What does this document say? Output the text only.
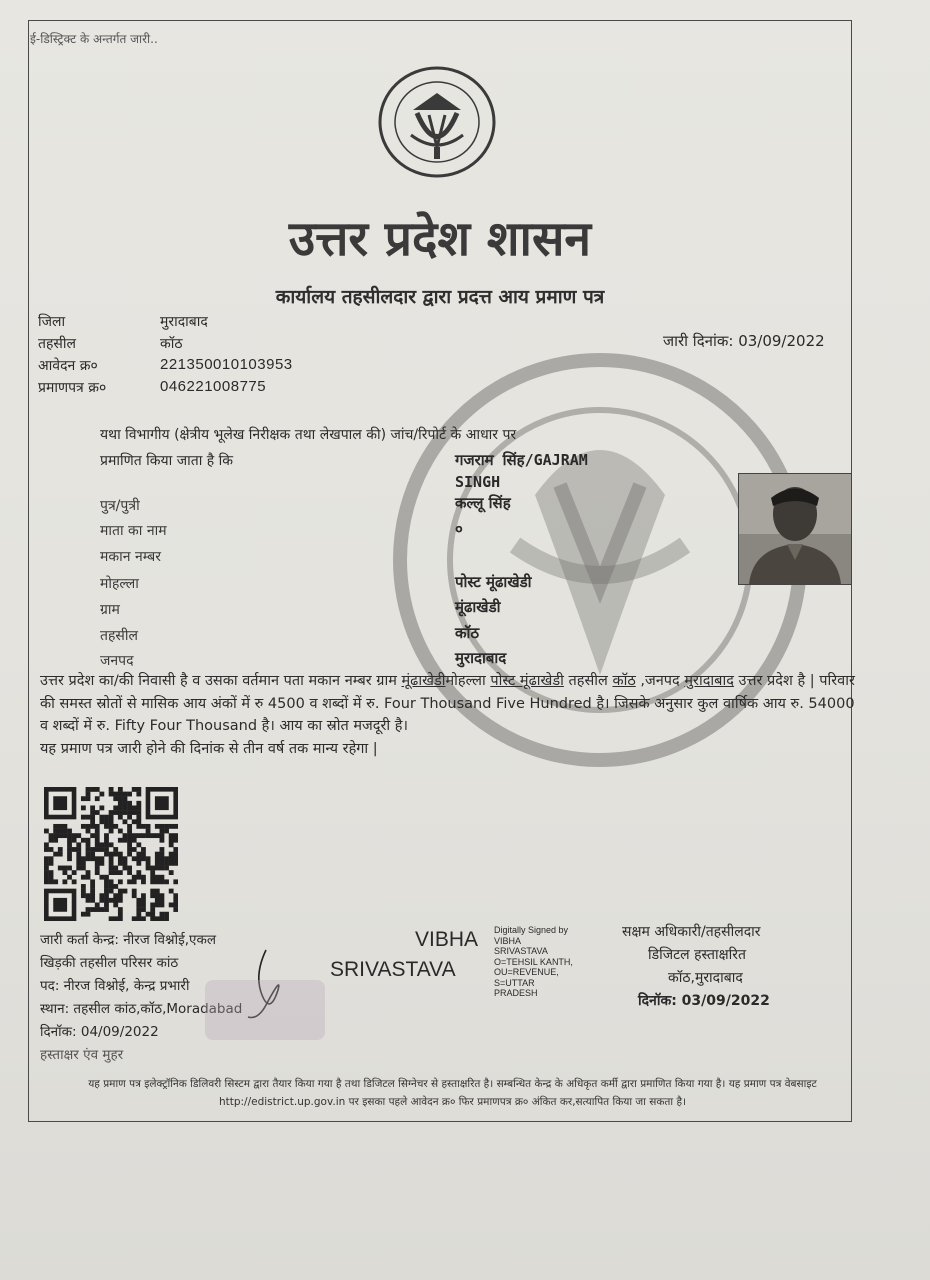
ई-डिस्ट्रिक्ट के अन्तर्गत जारी..
उत्तर प्रदेश शासन
कार्यालय तहसीलदार द्वारा प्रदत्त आय प्रमाण पत्र
जिला	मुरादाबाद
तहसील	कॉठ
आवेदन क्र०	221350010103953
प्रमाणपत्र क्र०	046221008775
जारी दिनांक: 03/09/2022
यथा विभागीय (क्षेत्रीय भूलेख निरीक्षक तथा लेखपाल की) जांच/रिपोर्ट के आधार पर
प्रमाणित किया जाता है कि	गजराम सिंह/GAJRAM
SINGH
पुत्र/पुत्री	कल्लू सिंह
माता का नाम	०
मकान नम्बर
मोहल्ला	पोस्ट मूंढाखेडी
ग्राम	मूंढाखेडी
तहसील	कॉठ
जनपद	मुरादाबाद
उत्तर प्रदेश का/की निवासी है व उसका वर्तमान पता मकान नम्बर ग्राम मूंढाखेडीमोहल्ला पोस्ट मूंढाखेडी तहसील कॉठ ,जनपद मुरादाबाद उत्तर प्रदेश है | परिवार की समस्त स्रोतों से मासिक आय अंकों में रु 4500 व शब्दों में रु. Four Thousand Five Hundred है। जिसके अनुसार कुल वार्षिक आय रु. 54000 व शब्दों में रु. Fifty Four Thousand है। आय का स्रोत मजदूरी है।
यह प्रमाण पत्र जारी होने की दिनांक से तीन वर्ष तक मान्य रहेगा |
जारी कर्ता केन्द्र: नीरज विश्नोई,एकल
खिड़की तहसील परिसर कांठ
पद: नीरज विश्नोई, केन्द्र प्रभारी
स्थान: तहसील कांठ,कॉठ,Moradabad
दिनॉक: 04/09/2022
हस्ताक्षर एंव मुहर
VIBHA
SRIVASTAVA
Digitally Signed by VIBHA SRIVASTAVA O=TEHSIL KANTH, OU=REVENUE, S=UTTAR PRADESH
सक्षम अधिकारी/तहसीलदार
डिजिटल हस्ताक्षरित
कॉठ,मुरादाबाद
दिनॉक: 03/09/2022
यह प्रमाण पत्र इलेक्ट्रॉनिक डिलिवरी सिस्टम द्वारा तैयार किया गया है तथा डिजिटल सिग्नेचर से हस्ताक्षरित है। सम्बन्धित केन्द्र के अधिकृत कर्मी द्वारा प्रमाणित किया गया है। यह प्रमाण पत्र वेबसाइट http://edistrict.up.gov.in पर इसका पहले आवेदन क्र० फिर प्रमाणपत्र क्र० अंकित कर,सत्यापित किया जा सकता है।
